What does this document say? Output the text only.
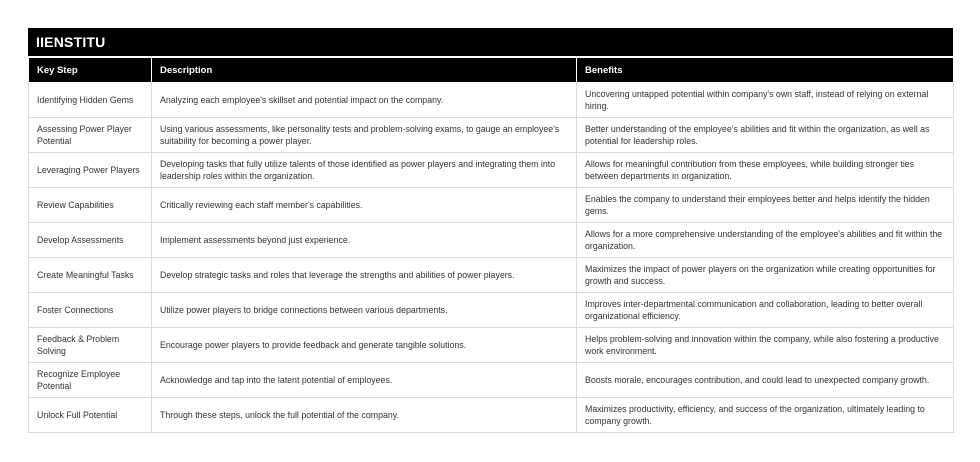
IIENSTITU
Key Step	Description	Benefits
Identifying Hidden Gems	Analyzing each employee's skillset and potential impact on the company.	Uncovering untapped potential within company's own staff, instead of relying on external hiring.
Assessing Power Player Potential	Using various assessments, like personality tests and problem-solving exams, to gauge an employee's suitability for becoming a power player.	Better understanding of the employee's abilities and fit within the organization, as well as potential for leadership roles.
Leveraging Power Players	Developing tasks that fully utilize talents of those identified as power players and integrating them into leadership roles within the organization.	Allows for meaningful contribution from these employees, while building stronger ties between departments in organization.
Review Capabilities	Critically reviewing each staff member's capabilities.	Enables the company to understand their employees better and helps identify the hidden gems.
Develop Assessments	Implement assessments beyond just experience.	Allows for a more comprehensive understanding of the employee's abilities and fit within the organization.
Create Meaningful Tasks	Develop strategic tasks and roles that leverage the strengths and abilities of power players.	Maximizes the impact of power players on the organization while creating opportunities for growth and success.
Foster Connections	Utilize power players to bridge connections between various departments.	Improves inter-departmental communication and collaboration, leading to better overall organizational efficiency.
Feedback & Problem Solving	Encourage power players to provide feedback and generate tangible solutions.	Helps problem-solving and innovation within the company, while also fostering a productive work environment.
Recognize Employee Potential	Acknowledge and tap into the latent potential of employees.	Boosts morale, encourages contribution, and could lead to unexpected company growth.
Unlock Full Potential	Through these steps, unlock the full potential of the company.	Maximizes productivity, efficiency, and success of the organization, ultimately leading to company growth.
